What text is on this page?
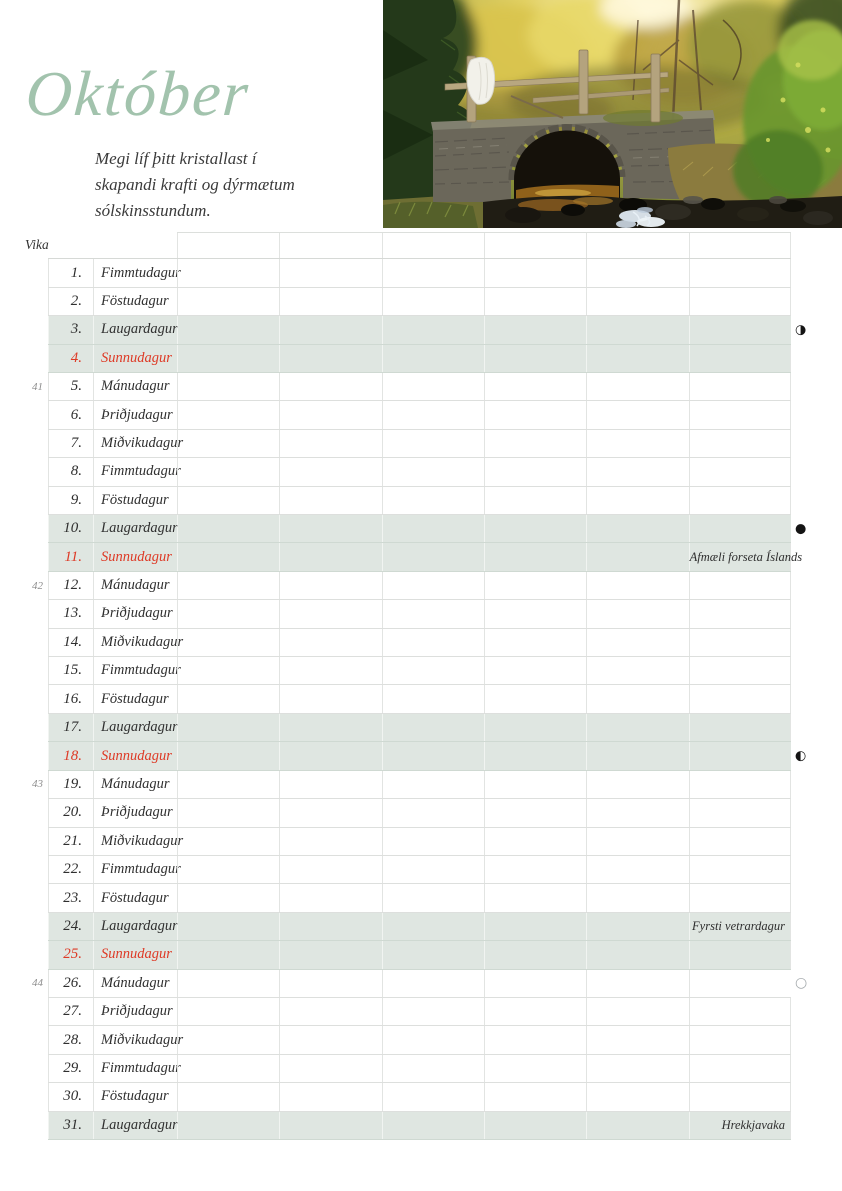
Október
Megi líf þitt kristallast í
skapandi krafti og dýrmætum
sólskinsstundum.
Vika
1.	Fimmtudagur
2.	Föstudagur
3.	Laugardagur	◑
4.	Sunnudagur
41	5.	Mánudagur
6.	Þriðjudagur
7.	Miðvikudagur
8.	Fimmtudagur
9.	Föstudagur
10.	Laugardagur	●
11.	Sunnudagur	Afmæli forseta Íslands
42	12.	Mánudagur
13.	Þriðjudagur
14.	Miðvikudagur
15.	Fimmtudagur
16.	Föstudagur
17.	Laugardagur
18.	Sunnudagur	◐
43	19.	Mánudagur
20.	Þriðjudagur
21.	Miðvikudagur
22.	Fimmtudagur
23.	Föstudagur
24.	Laugardagur	Fyrsti vetrardagur
25.	Sunnudagur
44	26.	Mánudagur	○
27.	Þriðjudagur
28.	Miðvikudagur
29.	Fimmtudagur
30.	Föstudagur
31.	Laugardagur	Hrekkjavaka
